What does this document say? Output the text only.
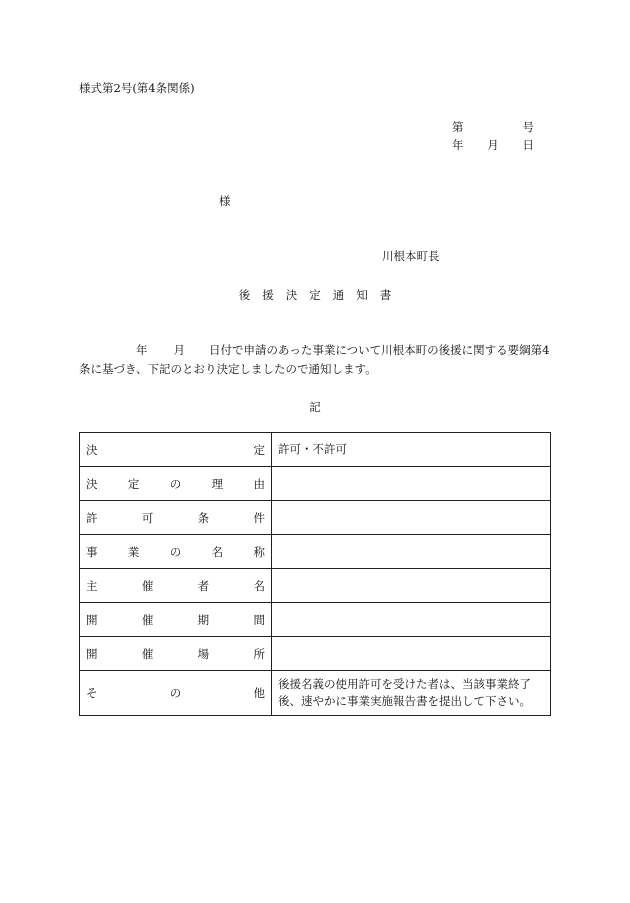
様式第2号(第4条関係)
第	号
年 月 日
様
川根本町長
後 援 決 定 通 知 書
年 月 日付で申請のあった事業について川根本町の後援に関する要綱第4条に基づき、下記のとおり決定しましたので通知します。
記
決 定	許可・不許可

決 定 の 理 由	

許 可 条 件	

事 業 の 名 称	

主 催 者 名	

開 催 期 間	

開 催 場 所	

そ の 他	後援名義の使用許可を受けた者は、当該事業終了後、速やかに事業実施報告書を提出して下さい。
